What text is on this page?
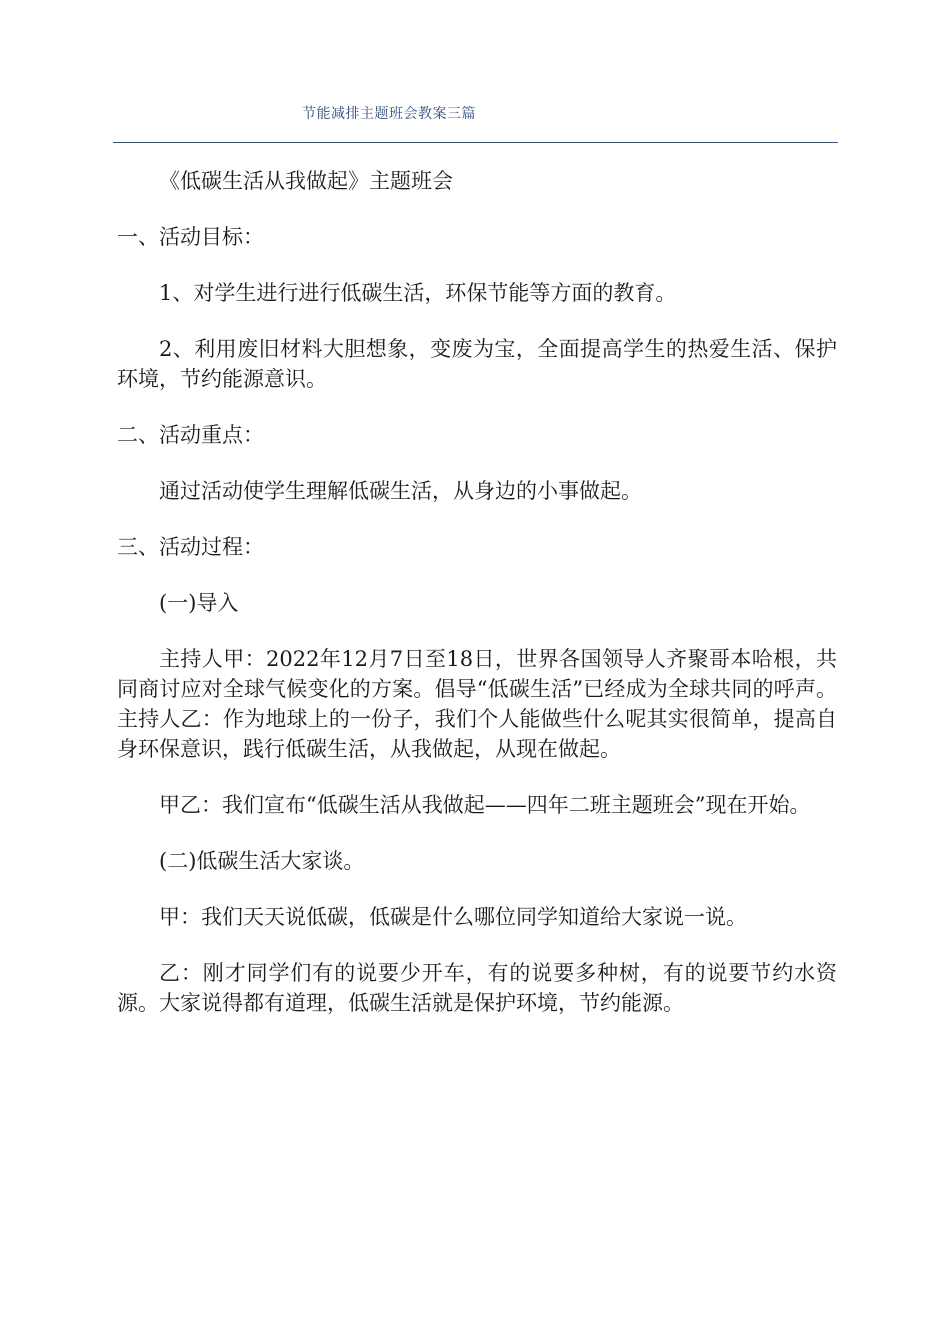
节能减排主题班会教案三篇

《低碳生活从我做起》主题班会

一、活动目标：

1、对学生进行进行低碳生活，环保节能等方面的教育。

2、利用废旧材料大胆想象，变废为宝，全面提高学生的热爱生活、保护环境，节约能源意识。

二、活动重点：

通过活动使学生理解低碳生活，从身边的小事做起。

三、活动过程：

(一)导入

主持人甲：2022年12月7日至18日，世界各国领导人齐聚哥本哈根，共同商讨应对全球气候变化的方案。倡导“低碳生活”已经成为全球共同的呼声。主持人乙：作为地球上的一份子，我们个人能做些什么呢其实很简单，提高自身环保意识，践行低碳生活，从我做起，从现在做起。

甲乙：我们宣布“低碳生活从我做起——四年二班主题班会”现在开始。

(二)低碳生活大家谈。

甲：我们天天说低碳，低碳是什么哪位同学知道给大家说一说。

乙：刚才同学们有的说要少开车，有的说要多种树，有的说要节约水资源。大家说得都有道理，低碳生活就是保护环境，节约能源。
